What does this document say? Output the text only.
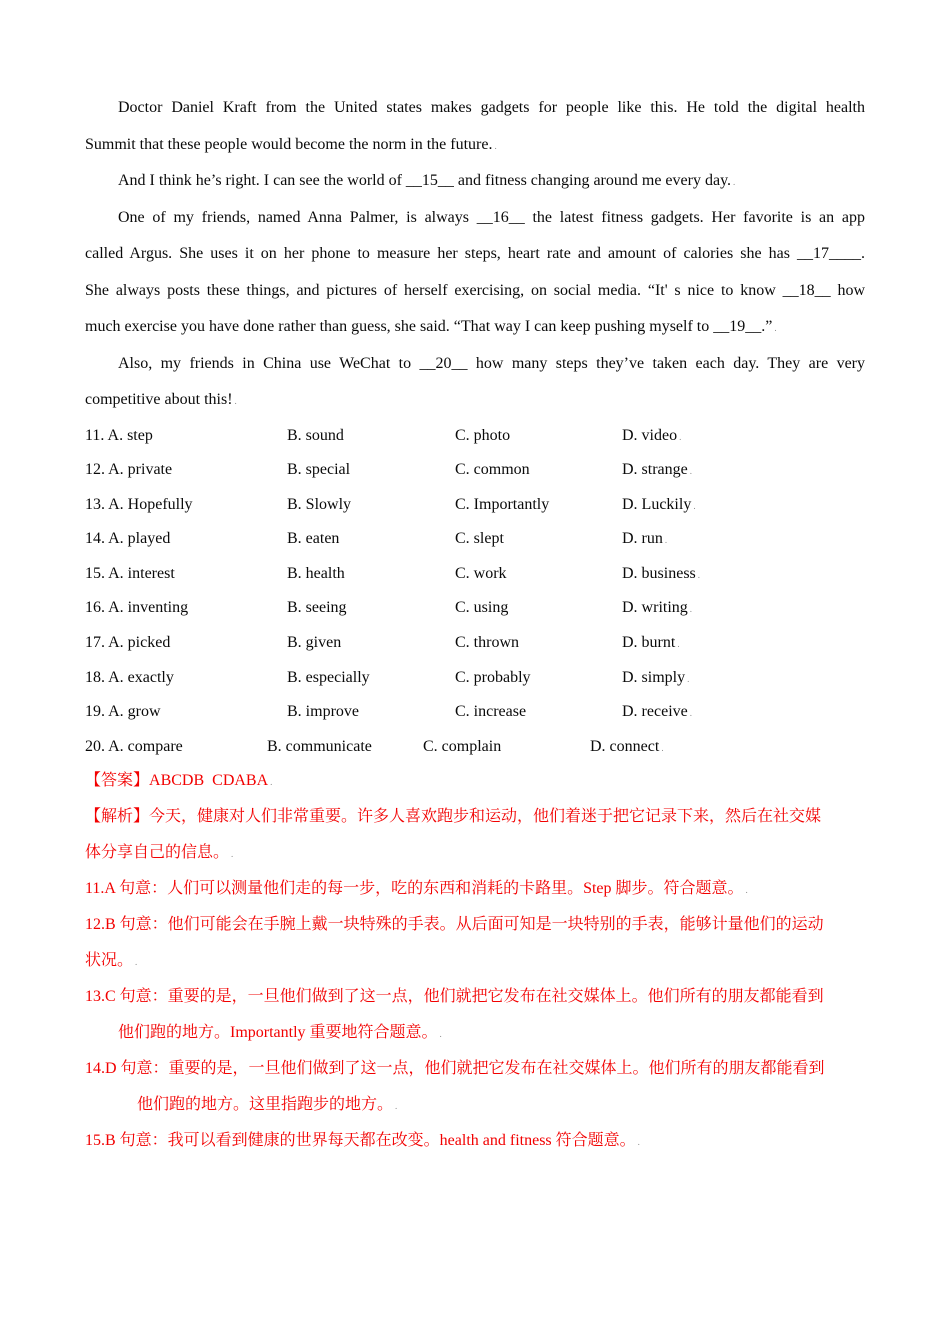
Doctor Daniel Kraft from the United states makes gadgets for people like this. He told the digital health
Summit that these people would become the norm in the future. .
And I think he’s right. I can see the world of __15__ and fitness changing around me every day. .
One of my friends, named Anna Palmer, is always __16__ the latest fitness gadgets. Her favorite is an app
called Argus. She uses it on her phone to measure her steps, heart rate and amount of calories she has __17____.
She always posts these things, and pictures of herself exercising, on social media. “It' s nice to know __18__ how
much exercise you have done rather than guess, she said. “That way I can keep pushing myself to __19__.” .
Also, my friends in China use WeChat to __20__ how many steps they’ve taken each day. They are very
competitive about this! .
11. A. step	B. sound	C. photo	D. video .
12. A. private	B. special	C. common	D. strange .
13. A. Hopefully	B. Slowly	C. Importantly	D. Luckily .
14. A. played	B. eaten	C. slept	D. run .
15. A. interest	B. health	C. work	D. business .
16. A. inventing	B. seeing	C. using	D. writing .
17. A. picked	B. given	C. thrown	D. burnt .
18. A. exactly	B. especially	C. probably	D. simply .
19. A. grow	B. improve	C. increase	D. receive .
20. A. compare	B. communicate	C. complain	D. connect .
【答案】ABCDB  CDABA .
【解析】今天，健康对人们非常重要。许多人喜欢跑步和运动，他们着迷于把它记录下来，然后在社交媒
体分享自己的信息。 .
11.A 句意：人们可以测量他们走的每一步，吃的东西和消耗的卡路里。Step 脚步。符合题意。 .
12.B 句意：他们可能会在手腕上戴一块特殊的手表。从后面可知是一块特别的手表，能够计量他们的运动
状况。 .
13.C 句意：重要的是，一旦他们做到了这一点，他们就把它发布在社交媒体上。他们所有的朋友都能看到
他们跑的地方。Importantly 重要地符合题意。 .
14.D 句意：重要的是，一旦他们做到了这一点，他们就把它发布在社交媒体上。他们所有的朋友都能看到
他们跑的地方。这里指跑步的地方。 .
15.B 句意：我可以看到健康的世界每天都在改变。health and fitness 符合题意。 .
